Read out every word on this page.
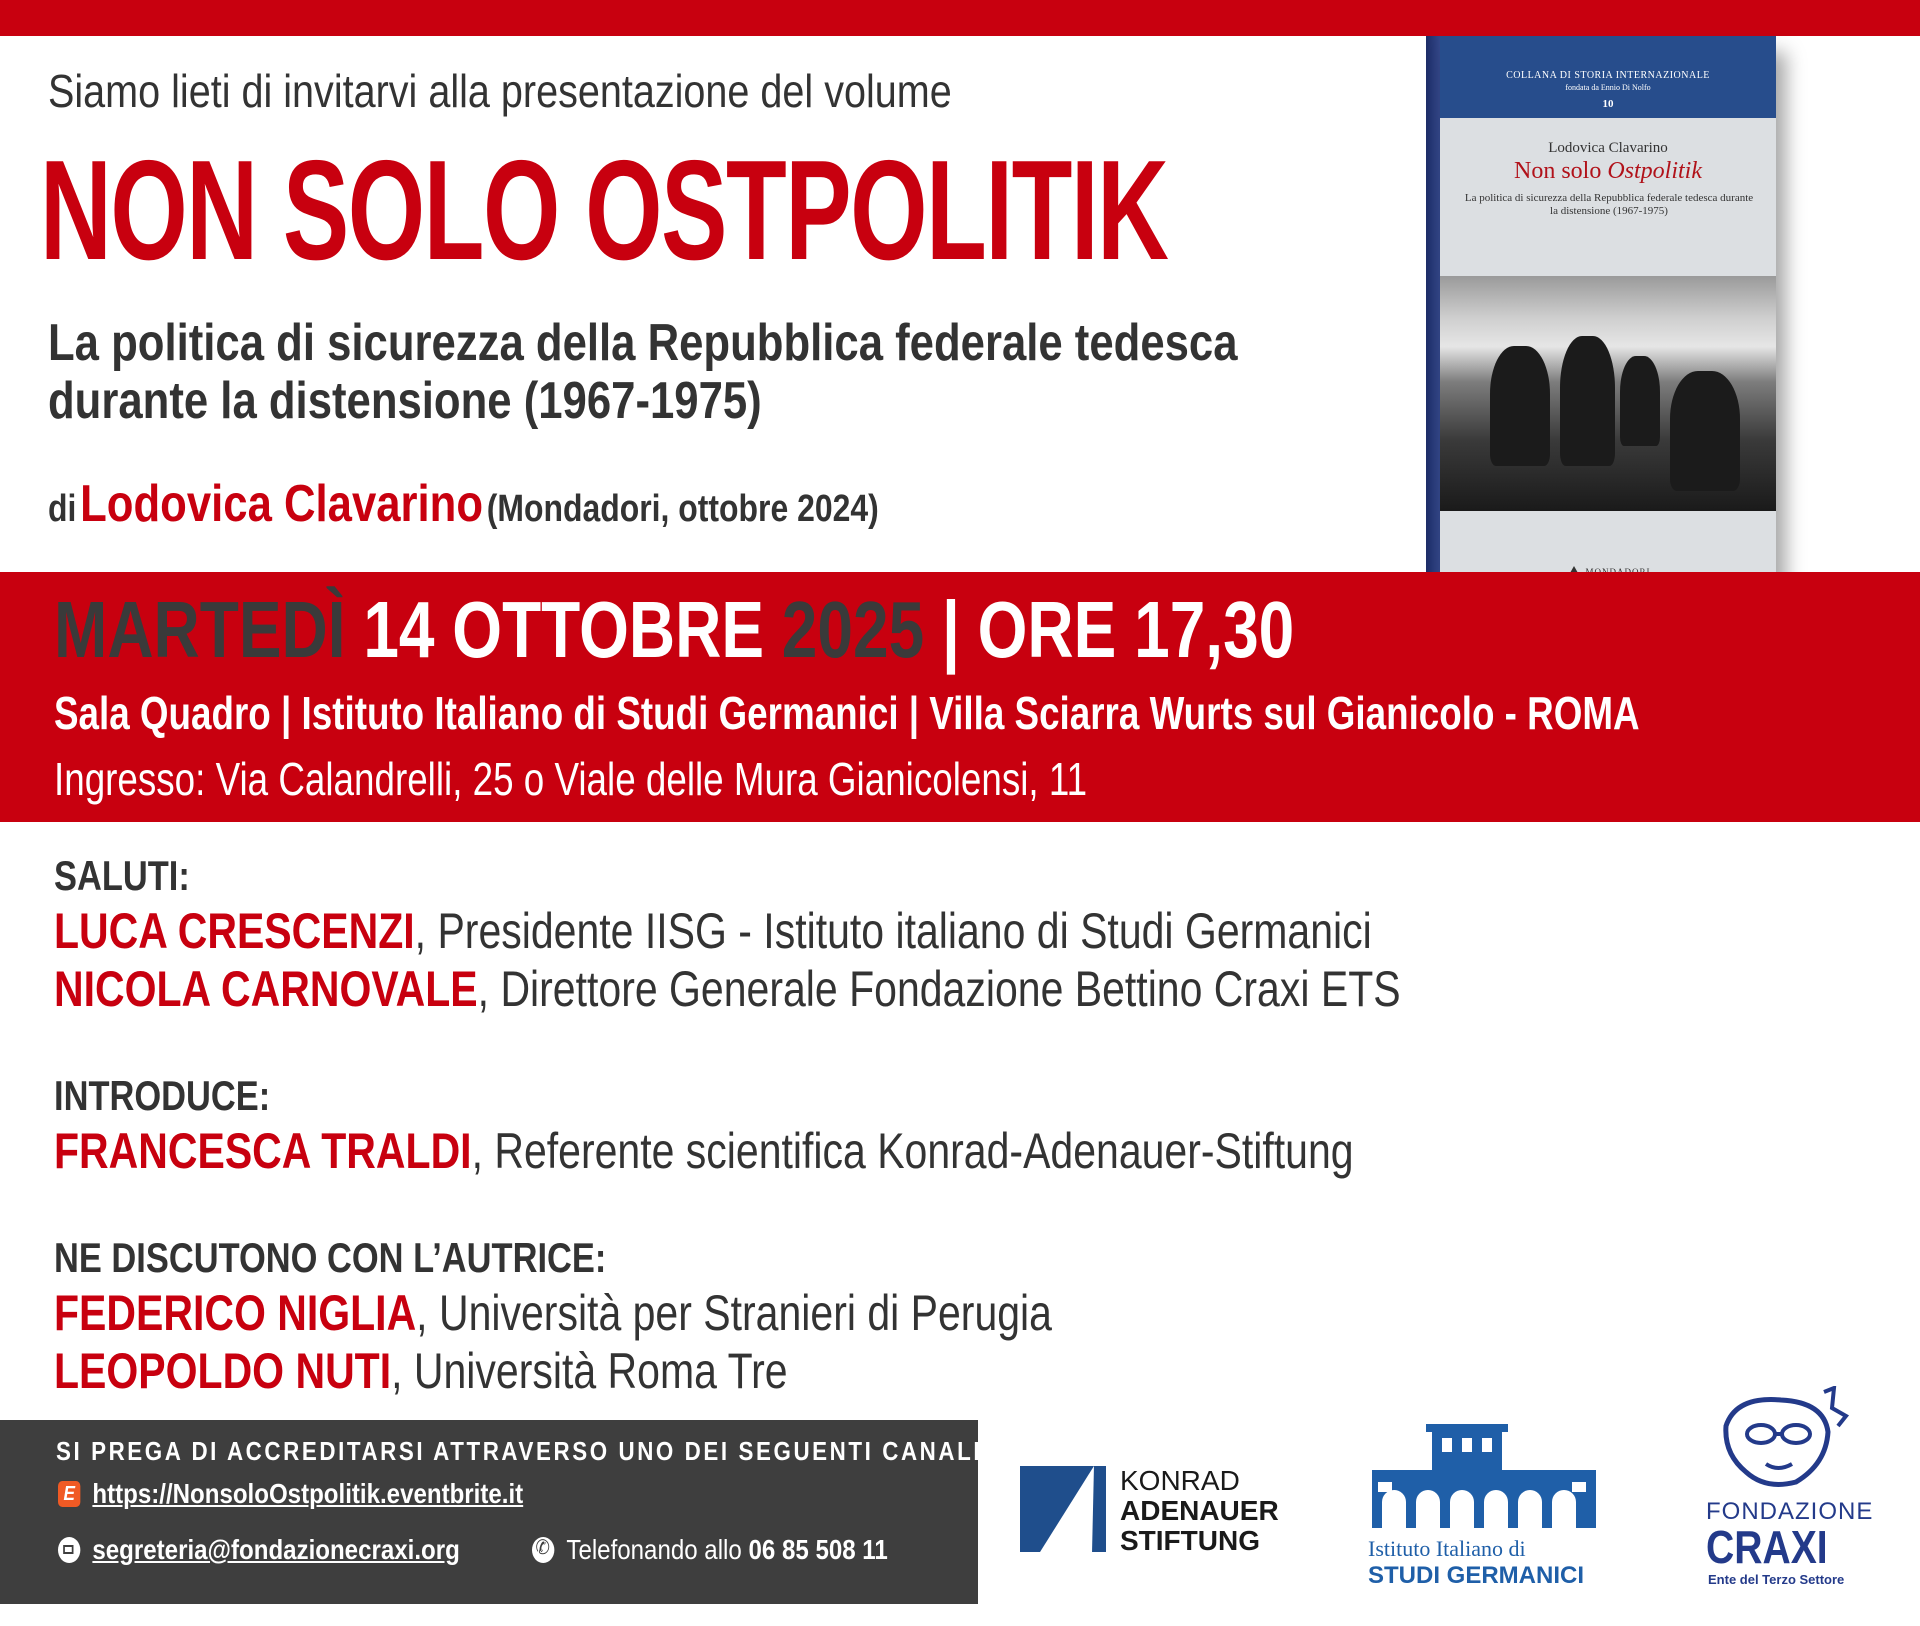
Siamo lieti di invitarvi alla presentazione del volume
NON SOLO OSTPOLITIK
La politica di sicurezza della Repubblica federale tedesca
durante la distensione (1967-1975)
di Lodovica Clavarino (Mondadori, ottobre 2024)
COLLANA DI STORIA INTERNAZIONALE
fondata da Ennio Di Nolfo
10
Lodovica Clavarino
Non solo Ostpolitik
La politica di sicurezza della Repubblica federale tedesca durante la distensione (1967-1975)
MARTEDÌ 14 OTTOBRE 2025 | ORE 17,30
Sala Quadro | Istituto Italiano di Studi Germanici | Villa Sciarra Wurts sul Gianicolo - ROMA
Ingresso: Via Calandrelli, 25 o Viale delle Mura Gianicolensi, 11
SALUTI:
LUCA CRESCENZI, Presidente IISG - Istituto italiano di Studi Germanici
NICOLA CARNOVALE, Direttore Generale Fondazione Bettino Craxi ETS
INTRODUCE:
FRANCESCA TRALDI, Referente scientifica Konrad-Adenauer-Stiftung
NE DISCUTONO CON L’AUTRICE:
FEDERICO NIGLIA, Università per Stranieri di Perugia
LEOPOLDO NUTI, Università Roma Tre
SI PREGA DI ACCREDITARSI ATTRAVERSO UNO DEI SEGUENTI CANALI:
E https://NonsoloOstpolitik.eventbrite.it
segreteria@fondazionecraxi.org
✆	Telefonando allo
06 85 508 11
KONRAD
ADENAUER
STIFTUNG	Istituto Italiano di
STUDI GERMANICI
FONDAZIONE
CRAXI
Ente del Terzo Settore
